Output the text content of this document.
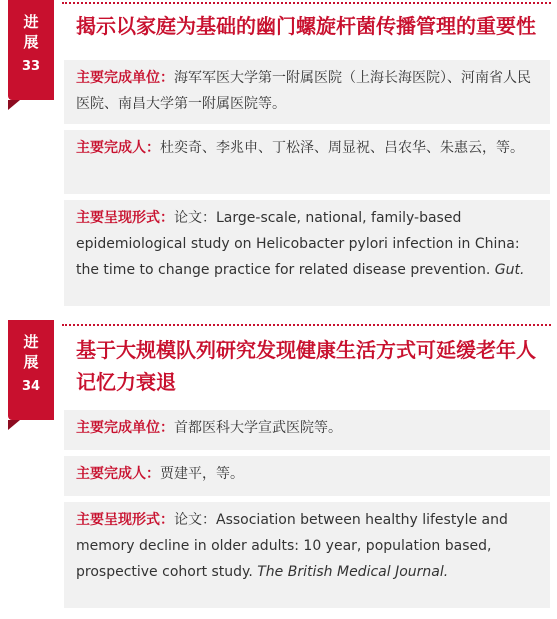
进
展
33
揭示以家庭为基础的幽门螺旋杆菌传播管理的重要性
主要完成单位：海军军医大学第一附属医院（上海长海医院）、河南省人民医院、南昌大学第一附属医院等。
主要完成人：杜奕奇、李兆申、丁松泽、周显祝、吕农华、朱惠云，等。
主要呈现形式：论文：Large-scale, national, family-based epidemiological study on Helicobacter pylori infection in China: the time to change practice for related disease prevention. Gut.
进
展
34
基于大规模队列研究发现健康生活方式可延缓老年人记忆力衰退
主要完成单位：首都医科大学宣武医院等。
主要完成人：贾建平，等。
主要呈现形式：论文：Association between healthy lifestyle and memory decline in older adults: 10 year, population based, prospective cohort study. The British Medical Journal.
